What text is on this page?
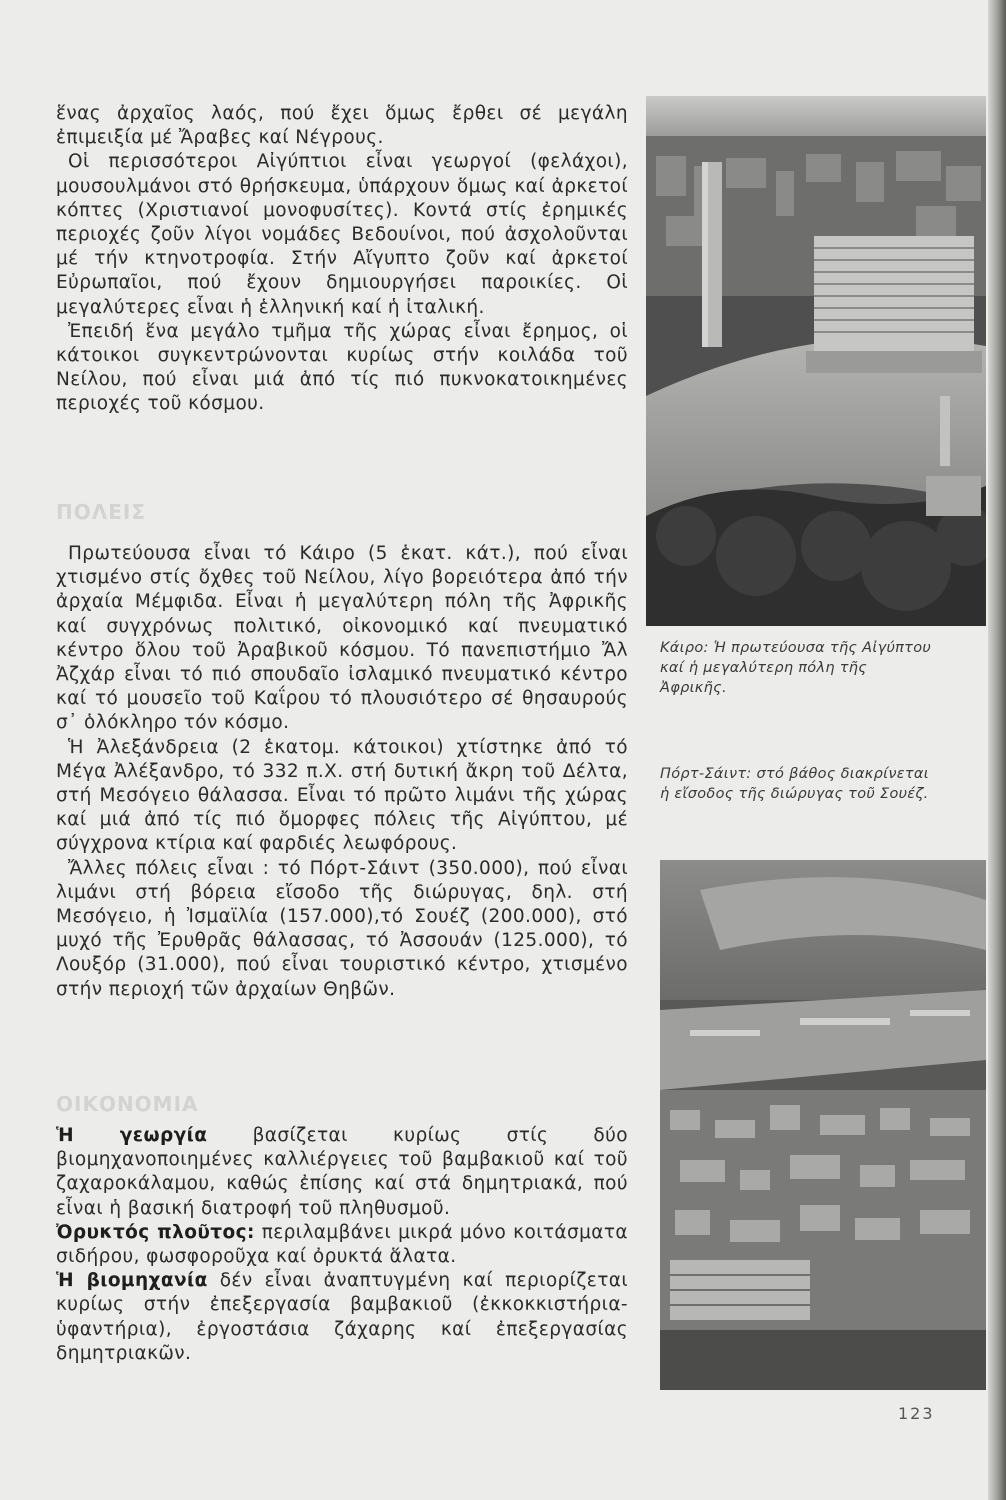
ἕνας ἀρχαῖος λαός, πού ἔχει ὅμως ἔρθει σέ μεγάλη ἐπιμειξία μέ Ἄραβες καί Νέγρους.

Οἱ περισσότεροι Αἰγύπτιοι εἶναι γεωργοί (φελάχοι), μουσουλμάνοι στό θρήσκευμα, ὑπάρχουν ὅμως καί ἀρκετοί κόπτες (Χριστιανοί μονοφυσίτες). Κοντά στίς ἐρημικές περιοχές ζοῦν λίγοι νομάδες Βεδουίνοι, πού ἀσχολοῦνται μέ τήν κτηνοτροφία. Στήν Αἴγυπτο ζοῦν καί ἀρκετοί Εὐρωπαῖοι, πού ἔχουν δημιουργήσει παροικίες. Οἱ μεγαλύτερες εἶναι ἡ ἑλληνική καί ἡ ἰταλική.

Ἐπειδή ἕνα μεγάλο τμῆμα τῆς χώρας εἶναι ἔρημος, οἱ κάτοικοι συγκεντρώνονται κυρίως στήν κοιλάδα τοῦ Νείλου, πού εἶναι μιά ἀπό τίς πιό πυκνοκατοικημένες περιοχές τοῦ κόσμου.

ΠΟΛΕΙΣ

Πρωτεύουσα εἶναι τό Κάιρο (5 ἑκατ. κάτ.), πού εἶναι χτισμένο στίς ὄχθες τοῦ Νείλου, λίγο βορειότερα ἀπό τήν ἀρχαία Μέμφιδα. Εἶναι ἡ μεγαλύτερη πόλη τῆς Ἀφρικῆς καί συγχρόνως πολιτικό, οἰκονομικό καί πνευματικό κέντρο ὅλου τοῦ Ἀραβικοῦ κόσμου. Τό πανεπιστήμιο Ἄλ Ἀζχάρ εἶναι τό πιό σπουδαῖο ἰσλαμικό πνευματικό κέντρο καί τό μουσεῖο τοῦ Καΐρου τό πλουσιότερο σέ θησαυρούς σ᾿ ὁλόκληρο τόν κόσμο.

Ἡ Ἀλεξάνδρεια (2 ἑκατομ. κάτοικοι) χτίστηκε ἀπό τό Μέγα Ἀλέξανδρο, τό 332 π.Χ. στή δυτική ἄκρη τοῦ Δέλτα, στή Μεσόγειο θάλασσα. Εἶναι τό πρῶτο λιμάνι τῆς χώρας καί μιά ἀπό τίς πιό ὄμορφες πόλεις τῆς Αἰγύπτου, μέ σύγχρονα κτίρια καί φαρδιές λεωφόρους.

Ἄλλες πόλεις εἶναι : τό Πόρτ-Σάιντ (350.000), πού εἶναι λιμάνι στή βόρεια εἴσοδο τῆς διώρυγας, δηλ. στή Μεσόγειο, ἡ Ἰσμαϊλία (157.000),τό Σουέζ (200.000), στό μυχό τῆς Ἐρυθρᾶς θάλασσας, τό Ἀσσουάν (125.000), τό Λουξόρ (31.000), πού εἶναι τουριστικό κέντρο, χτισμένο στήν περιοχή τῶν ἀρχαίων Θηβῶν.

ΟΙΚΟΝΟΜΙΑ

Ἡ γεωργία βασίζεται κυρίως στίς δύο βιομηχανοποιημένες καλλιέργειες τοῦ βαμβακιοῦ καί τοῦ ζαχαροκάλαμου, καθώς ἐπίσης καί στά δημητριακά, πού εἶναι ἡ βασική διατροφή τοῦ πληθυσμοῦ.

Ὀρυκτός πλοῦτος: περιλαμβάνει μικρά μόνο κοιτάσματα σιδήρου, φωσφοροῦχα καί ὀρυκτά ἅλατα.

Ἡ βιομηχανία δέν εἶναι ἀναπτυγμένη καί περιορίζεται κυρίως στήν ἐπεξεργασία βαμβακιοῦ (ἐκκοκκιστήρια-ὑφαντήρια), ἐργοστάσια ζάχαρης καί ἐπεξεργασίας δημητριακῶν.

Κάιρο: Ἡ πρωτεύουσα τῆς Αἰγύπτου καί ἡ μεγαλύτερη πόλη τῆς Ἀφρικῆς.
Πόρτ-Σάιντ: στό βάθος διακρίνεται ἡ εἴσοδος τῆς διώρυγας τοῦ Σουέζ.
123
